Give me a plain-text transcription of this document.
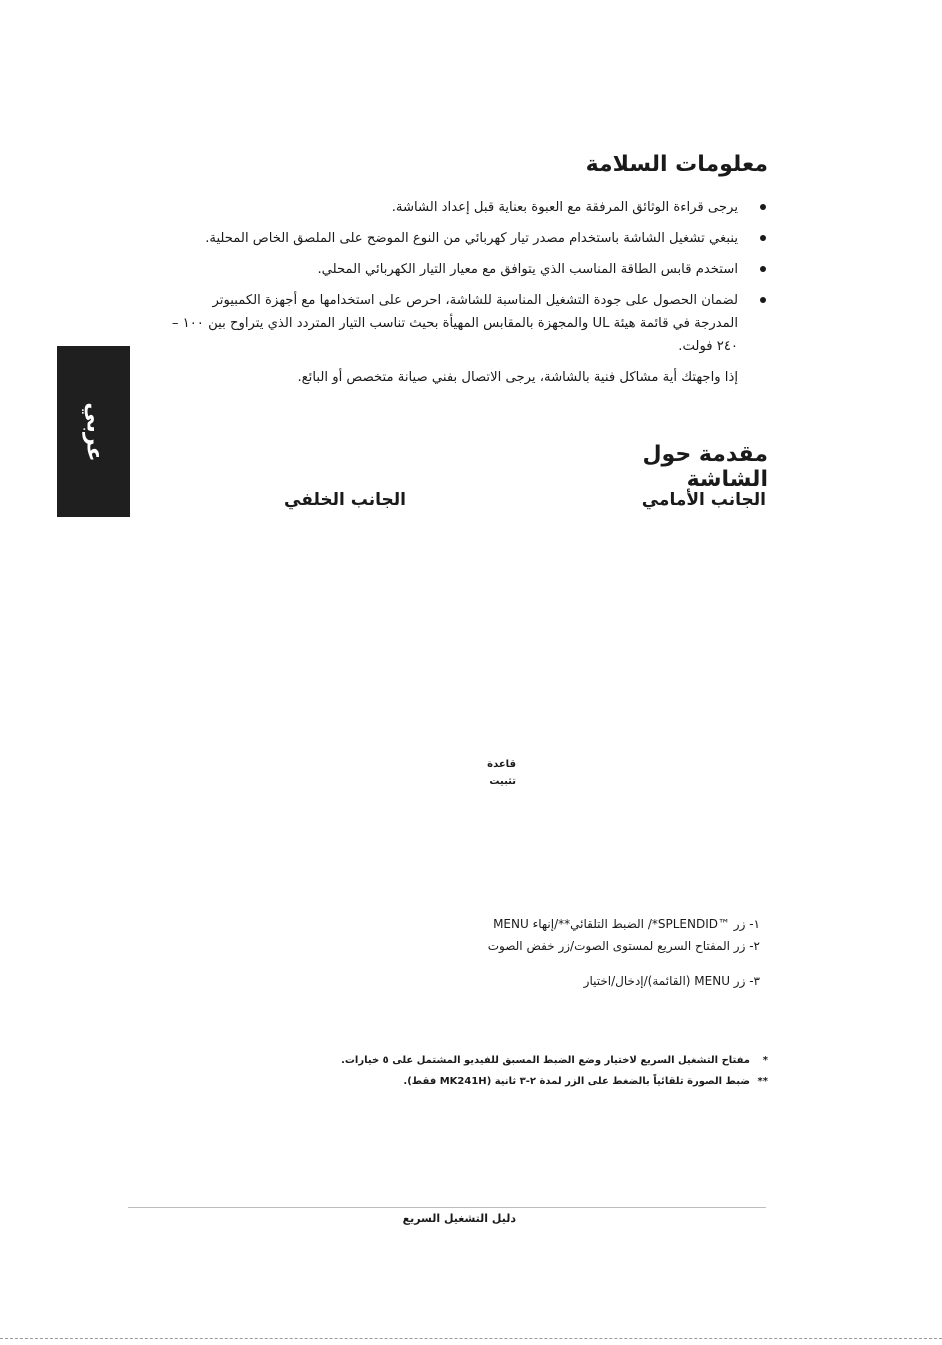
عربي
معلومات السلامة
يرجى قراءة الوثائق المرفقة مع العبوة بعناية قبل إعداد الشاشة.
ينبغي تشغيل الشاشة باستخدام مصدر تيار كهربائي من النوع الموضح على الملصق الخاص المحلية.
استخدم قابس الطاقة المناسب الذي يتوافق مع معيار التيار الكهربائي المحلي.
لضمان الحصول على جودة التشغيل المناسبة للشاشة، احرص على استخدامها مع أجهزة الكمبيوتر المدرجة في قائمة هيئة UL والمجهزة بالمقابس المهيأة بحيث تناسب التيار المتردد الذي يتراوح بين ١٠٠ – ٢٤٠ فولت.
إذا واجهتك أية مشاكل فنية بالشاشة، يرجى الاتصال بفني صيانة متخصص أو البائع.
مقدمة حول الشاشة
الجانب الأمامي
الجانب الخلفي
قاعدة تثبيت
١- زر ™SPLENDID*/ الضبط التلقائي**/إنهاء MENU
٢- زر المفتاح السريع لمستوى الصوت/زر خفض الصوت
٣- زر MENU (القائمة)/إدخال/اختيار
*
مفتاح التشغيل السريع لاختيار وضع الضبط المسبق للفيديو المشتمل على ٥ خيارات.
**
ضبط الصورة تلقائياً بالضغط على الزر لمدة ٢-٣ ثانية (MK241H فقط).
دليل التشغيل السريع
